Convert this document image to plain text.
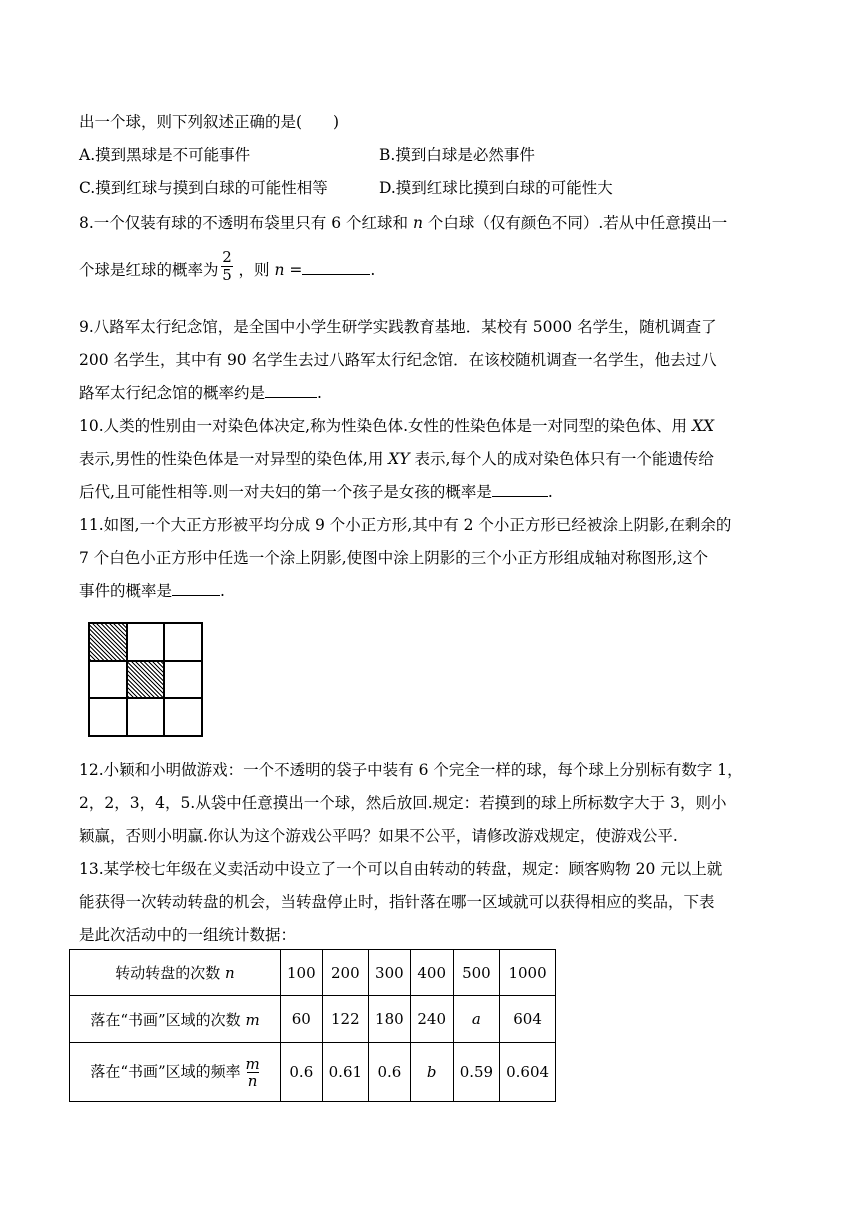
出一个球，则下列叙述正确的是(　　)
A.摸到黑球是不可能事件	B.摸到白球是必然事件
C.摸到红球与摸到白球的可能性相等	D.摸到红球比摸到白球的可能性大
8.一个仅装有球的不透明布袋里只有 6 个红球和 n 个白球（仅有颜色不同）.若从中任意摸出一
个球是红球的概率为 ，则 n =	.
2
5
9.八路军太行纪念馆，是全国中小学生研学实践教育基地．某校有 5000 名学生，随机调查了
200 名学生，其中有 90 名学生去过八路军太行纪念馆．在该校随机调查一名学生，他去过八
路军太行纪念馆的概率约是	.
10.人类的性别由一对染色体决定,称为性染色体.女性的性染色体是一对同型的染色体、用 XX
表示,男性的性染色体是一对异型的染色体,用 XY 表示,每个人的成对染色体只有一个能遗传给
后代,且可能性相等.则一对夫妇的第一个孩子是女孩的概率是	.
11.如图,一个大正方形被平均分成 9 个小正方形,其中有 2 个小正方形已经被涂上阴影,在剩余的
7 个白色小正方形中任选一个涂上阴影,使图中涂上阴影的三个小正方形组成轴对称图形,这个
事件的概率是	.
12.小颖和小明做游戏：一个不透明的袋子中装有 6 个完全一样的球，每个球上分别标有数字 1，
2，2，3，4，5.从袋中任意摸出一个球，然后放回.规定：若摸到的球上所标数字大于 3，则小
颖赢，否则小明赢.你认为这个游戏公平吗？如果不公平，请修改游戏规定，使游戏公平.
13.某学校七年级在义卖活动中设立了一个可以自由转动的转盘，规定：顾客购物 20 元以上就
能获得一次转动转盘的机会，当转盘停止时，指针落在哪一区域就可以获得相应的奖品，下表
是此次活动中的一组统计数据：
转动转盘的次数 n	100	200	300	400	500	1000
落在“书画”区域的次数 m	60	122	180	240	a	604
落在“书画”区域的频率 $\frac{m}{n}$	0.6	0.61	0.6	b	0.59	0.604
